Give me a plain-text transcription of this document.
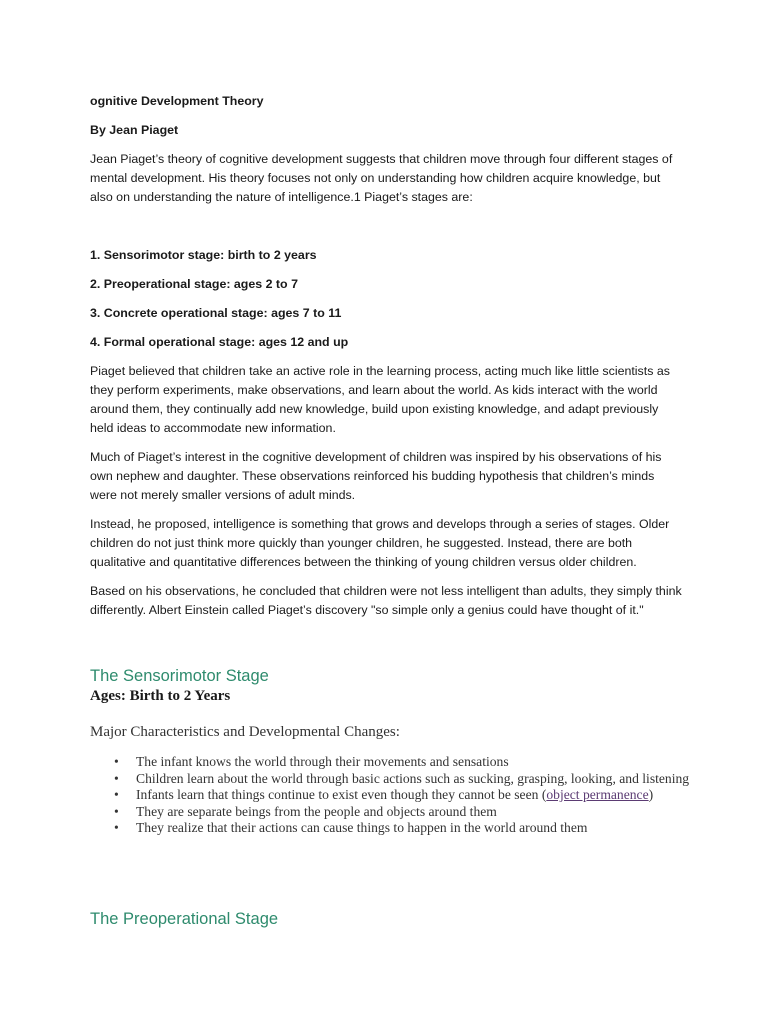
ognitive Development Theory

By Jean Piaget

Jean Piaget’s theory of cognitive development suggests that children move through four different stages of mental development. His theory focuses not only on understanding how children acquire knowledge, but also on understanding the nature of intelligence.1 Piaget’s stages are:

1. Sensorimotor stage: birth to 2 years

2. Preoperational stage: ages 2 to 7

3. Concrete operational stage: ages 7 to 11

4. Formal operational stage: ages 12 and up

Piaget believed that children take an active role in the learning process, acting much like little scientists as they perform experiments, make observations, and learn about the world. As kids interact with the world around them, they continually add new knowledge, build upon existing knowledge, and adapt previously held ideas to accommodate new information.

Much of Piaget’s interest in the cognitive development of children was inspired by his observations of his own nephew and daughter. These observations reinforced his budding hypothesis that children’s minds were not merely smaller versions of adult minds.

Instead, he proposed, intelligence is something that grows and develops through a series of stages. Older children do not just think more quickly than younger children, he suggested. Instead, there are both qualitative and quantitative differences between the thinking of young children versus older children.

Based on his observations, he concluded that children were not less intelligent than adults, they simply think differently. Albert Einstein called Piaget’s discovery "so simple only a genius could have thought of it."

The Sensorimotor Stage
Ages: Birth to 2 Years
Major Characteristics and Developmental Changes:
• The infant knows the world through their movements and sensations
• Children learn about the world through basic actions such as sucking, grasping, looking, and listening
• Infants learn that things continue to exist even though they cannot be seen (object permanence)
• They are separate beings from the people and objects around them
• They realize that their actions can cause things to happen in the world around them
The Preoperational Stage
